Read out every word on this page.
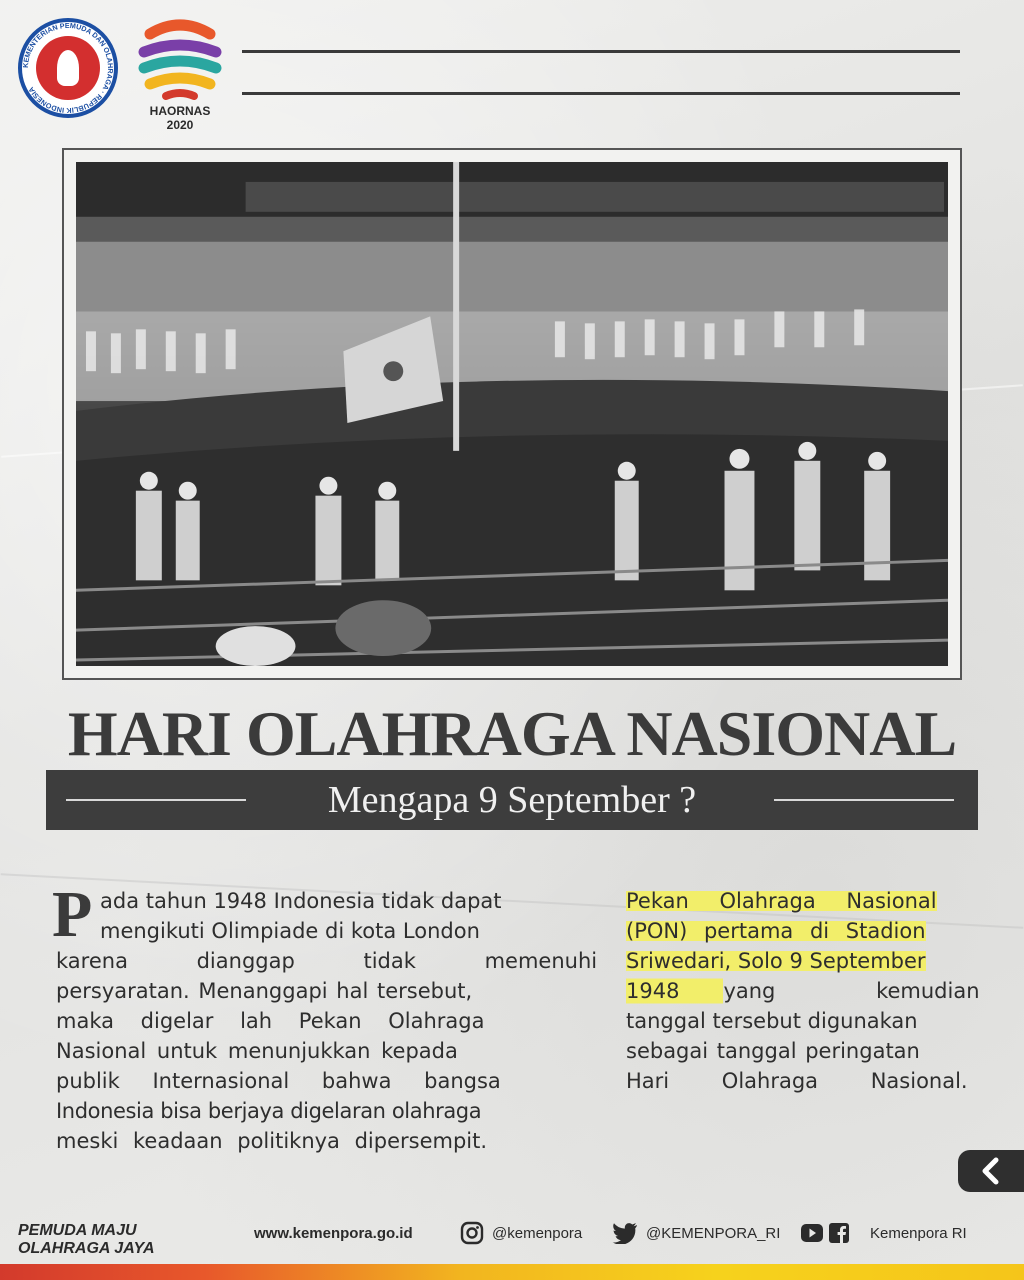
KEMENTERIAN PEMUDA DAN OLAHRAGA · REPUBLIK INDONESIA
HAORNAS
2020
HARI OLAHRAGA NASIONAL
Mengapa 9 September ?
P ada tahun 1948 Indonesia tidak dapat
mengikuti Olimpiade di kota London
karena dianggap tidak memenuhi
persyaratan. Menanggapi hal tersebut,
maka digelar lah Pekan Olahraga
Nasional untuk menunjukkan kepada
publik Internasional bahwa bangsa
Indonesia bisa berjaya digelaran olahraga
meski keadaan politiknya dipersempit.
Pekan Olahraga Nasional
(PON) pertama di Stadion
Sriwedari, Solo 9 September
1948	yang kemudian
tanggal tersebut digunakan
sebagai tanggal peringatan
Hari Olahraga Nasional.
PEMUDA MAJU
OLAHRAGA JAYA
www.kemenpora.go.id	@kemenpora	@KEMENPORA_RI	Kemenpora RI
